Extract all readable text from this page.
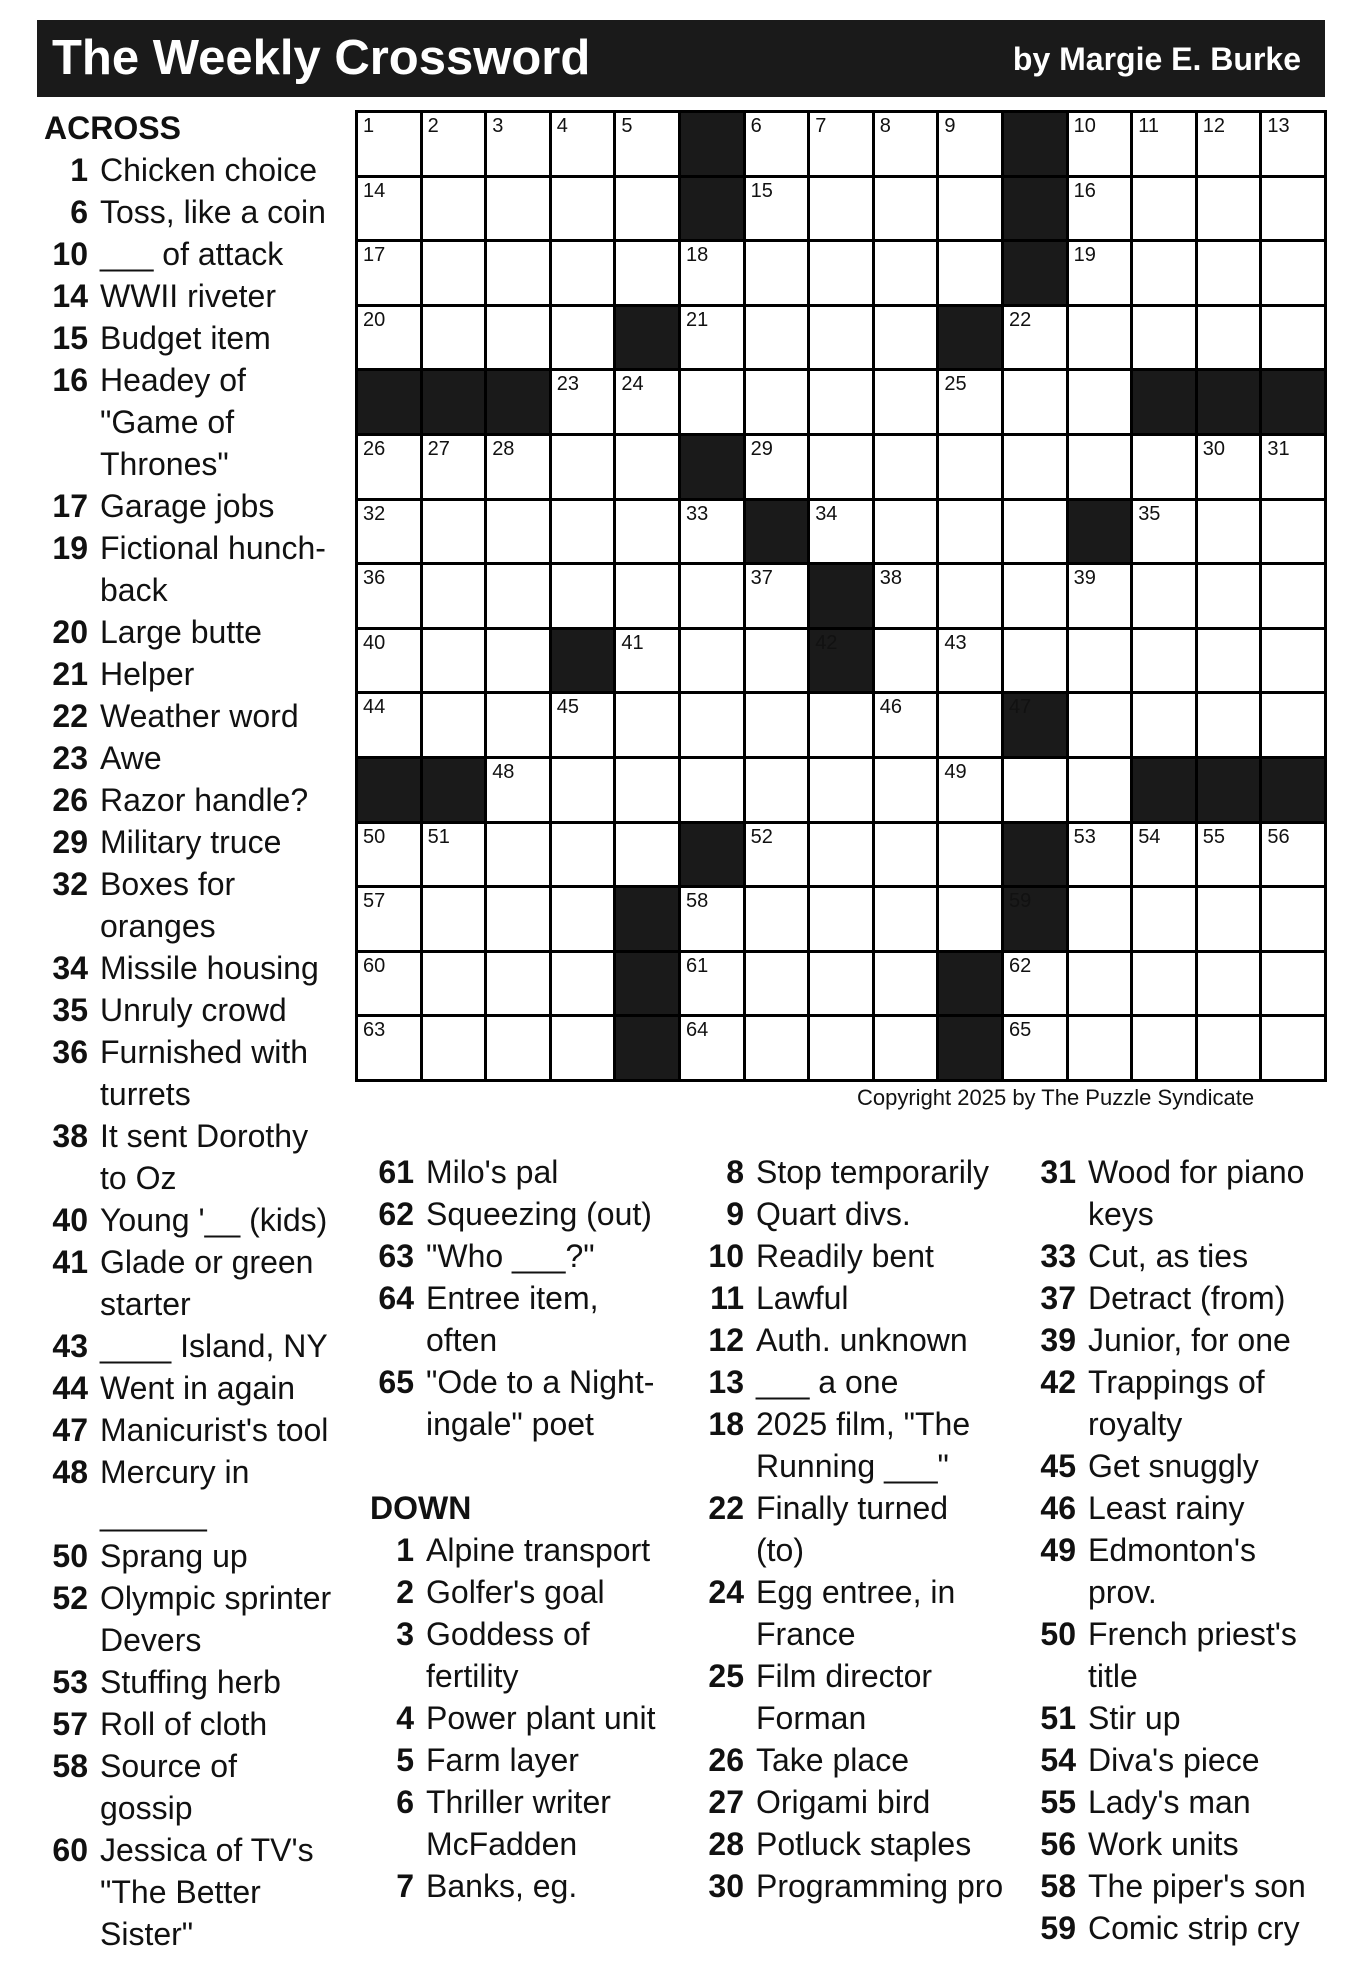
The Weekly Crossword	by Margie E. Burke
1	2	3	4	5	6	7	8	9	10 11 12 13
14	15	16
17	18	19
20	21	22
23 24	25
26 27 28	29	30 31
32	33	34	35
36	37	38	39
40	41	42	43
44	45	46	47
48	49
50 51	52	53 54 55 56
57	58	59
60	61	62
63	64	65
Copyright 2025 by The Puzzle Syndicate
ACROSS
1 Chicken choice
6 Toss, like a coin
10 ___ of attack
14 WWII riveter
15 Budget item
16 Headey of
"Game of
Thrones"
17 Garage jobs
19 Fictional hunch-
back
20 Large butte
21 Helper
22 Weather word
23 Awe
26 Razor handle?
29 Military truce
32 Boxes for
oranges
34 Missile housing
35 Unruly crowd
36 Furnished with
turrets
38 It sent Dorothy
to Oz
40 Young '__ (kids)
41 Glade or green
starter
43 ____ Island, NY
44 Went in again
47 Manicurist's tool
48 Mercury in
______
50 Sprang up
52 Olympic sprinter
Devers
53 Stuffing herb
57 Roll of cloth
58 Source of
gossip
60 Jessica of TV's
"The Better
Sister"
61 Milo's pal
62 Squeezing (out)
63 "Who ___?"
64 Entree item,
often
65 "Ode to a Night-
ingale" poet
DOWN
1 Alpine transport
2 Golfer's goal
3 Goddess of
fertility
4 Power plant unit
5 Farm layer
6 Thriller writer
McFadden
7 Banks, eg.
8 Stop temporarily
9 Quart divs.
10 Readily bent
11 Lawful
12 Auth. unknown
13 ___ a one
18 2025 film, "The
Running ___"
22 Finally turned
(to)
24 Egg entree, in
France
25 Film director
Forman
26 Take place
27 Origami bird
28 Potluck staples
30 Programming pro
31 Wood for piano
keys
33 Cut, as ties
37 Detract (from)
39 Junior, for one
42 Trappings of
royalty
45 Get snuggly
46 Least rainy
49 Edmonton's
prov.
50 French priest's
title
51 Stir up
54 Diva's piece
55 Lady's man
56 Work units
58 The piper's son
59 Comic strip cry
